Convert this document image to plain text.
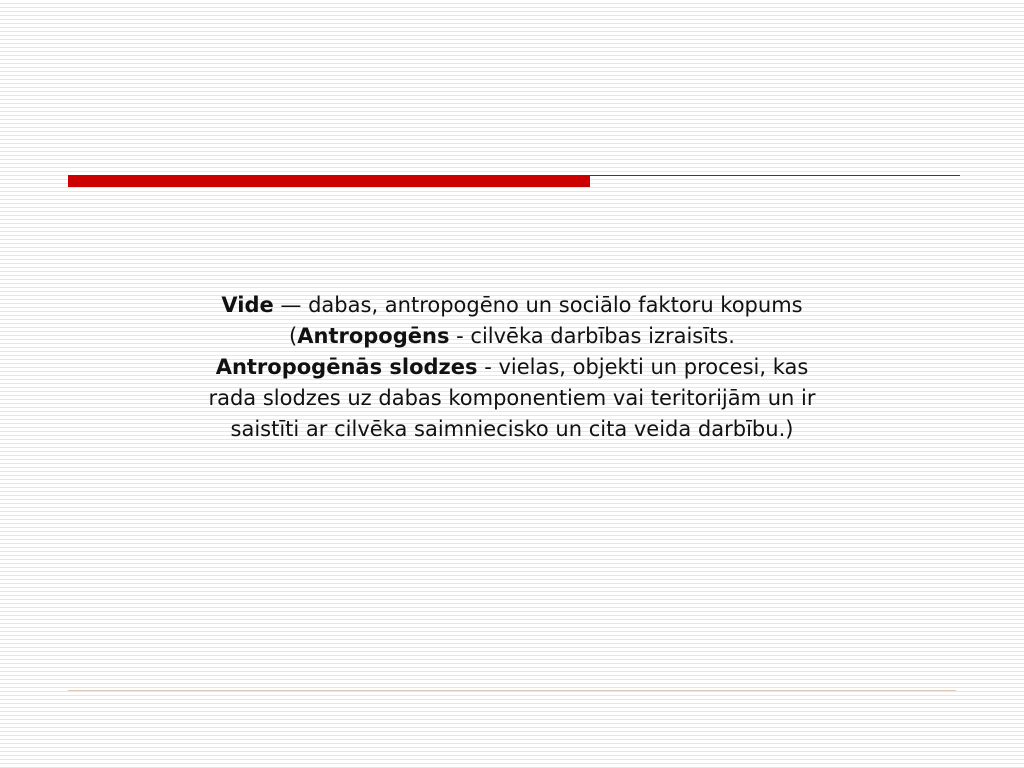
Vide — dabas, antropogēno un sociālo faktoru kopums
(Antropogēns - cilvēka darbības izraisīts.
Antropogēnās slodzes - vielas, objekti un procesi, kas
rada slodzes uz dabas komponentiem vai teritorijām un ir
saistīti ar cilvēka saimniecisko un cita veida darbību.)
